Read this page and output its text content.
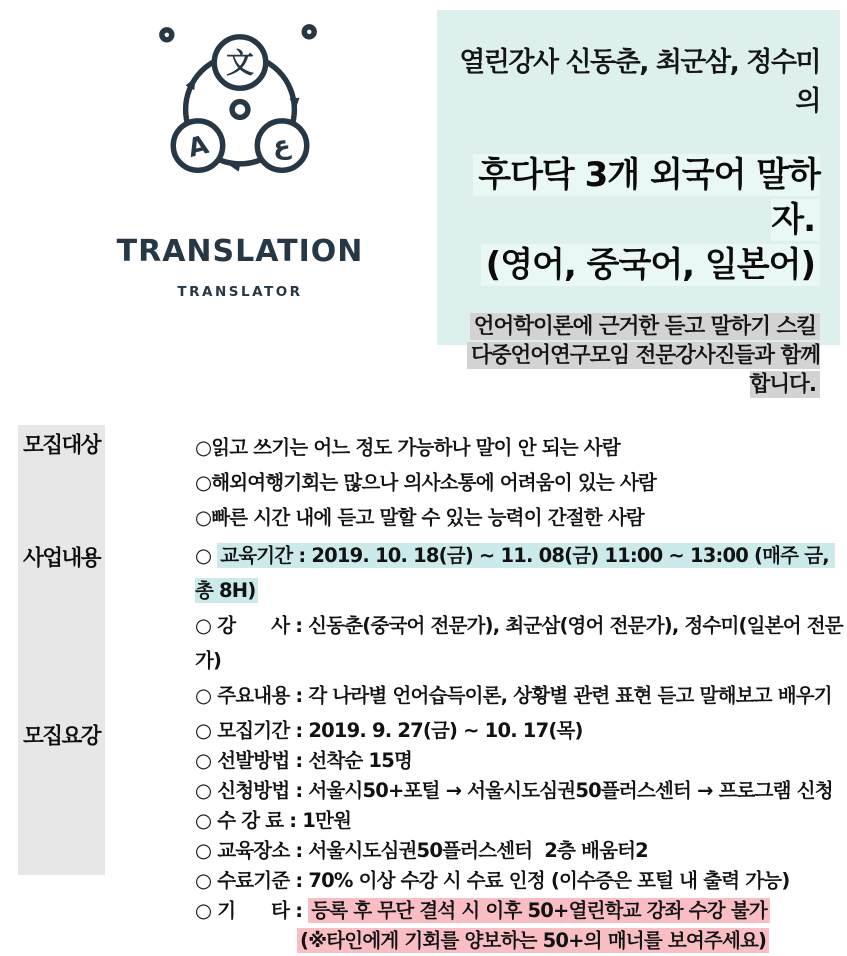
文
A ع
TRANSLATION
TRANSLATOR
열린강사 신동춘, 최군삼, 정수미의
후다닥 3개 외국어 말하자.
(영어, 중국어, 일본어)
언어학이론에 근거한 듣고 말하기 스킬
다중언어연구모임 전문강사진들과 함께합니다.
모집대상	○읽고 쓰기는 어느 정도 가능하나 말이 안 되는 사람
○해외여행기회는 많으나 의사소통에 어려움이 있는 사람
○빠른 시간 내에 듣고 말할 수 있는 능력이 간절한 사람
사업내용	○ 교육기간 : 2019. 10. 18(금) ~ 11. 08(금) 11:00 ~ 13:00 (매주 금, 총 8H)
○ 강      사 : 신동춘(중국어 전문가), 최군삼(영어 전문가), 정수미(일본어 전문가)
○ 주요내용 : 각 나라별 언어습득이론, 상황별 관련 표현 듣고 말해보고 배우기
모집요강	○ 모집기간 : 2019. 9. 27(금) ~ 10. 17(목)
○ 선발방법 : 선착순 15명
○ 신청방법 : 서울시50+포털 → 서울시도심권50플러스센터 → 프로그램 신청
○ 수 강 료 : 1만원
○ 교육장소 : 서울시도심권50플러스센터  2층 배움터2
○ 수료기준 : 70% 이상 수강 시 수료 인정 (이수증은 포털 내 출력 가능)
○ 기      타 : 등록 후 무단 결석 시 이후 50+열린학교 강좌 수강 불가
(※타인에게 기회를 양보하는 50+의 매너를 보여주세요)
